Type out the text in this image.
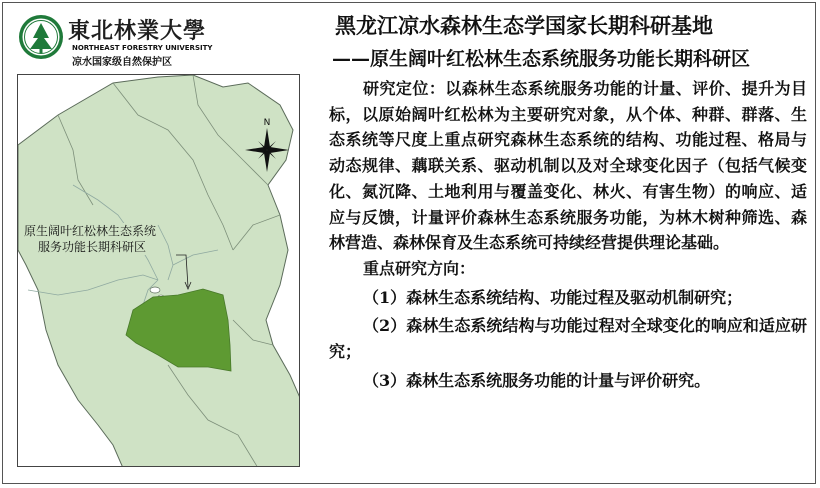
東北林業大學
NORTHEAST FORESTRY UNIVERSITY
凉水国家级自然保护区
N
原生阔叶红松林生态系统
服务功能长期科研区
黑龙江凉水森林生态学国家长期科研基地
——原生阔叶红松林生态系统服务功能长期科研区

研究定位：以森林生态系统服务功能的计量、评价、提升为目标，以原始阔叶红松林为主要研究对象，从个体、种群、群落、生态系统等尺度上重点研究森林生态系统的结构、功能过程、格局与动态规律、藕联关系、驱动机制以及对全球变化因子（包括气候变化、氮沉降、土地利用与覆盖变化、林火、有害生物）的响应、适应与反馈，计量评价森林生态系统服务功能，为林木树种筛选、森林营造、森林保育及生态系统可持续经营提供理论基础。

重点研究方向：

（1）森林生态系统结构、功能过程及驱动机制研究；

（2）森林生态系统结构与功能过程对全球变化的响应和适应研究；

（3）森林生态系统服务功能的计量与评价研究。
